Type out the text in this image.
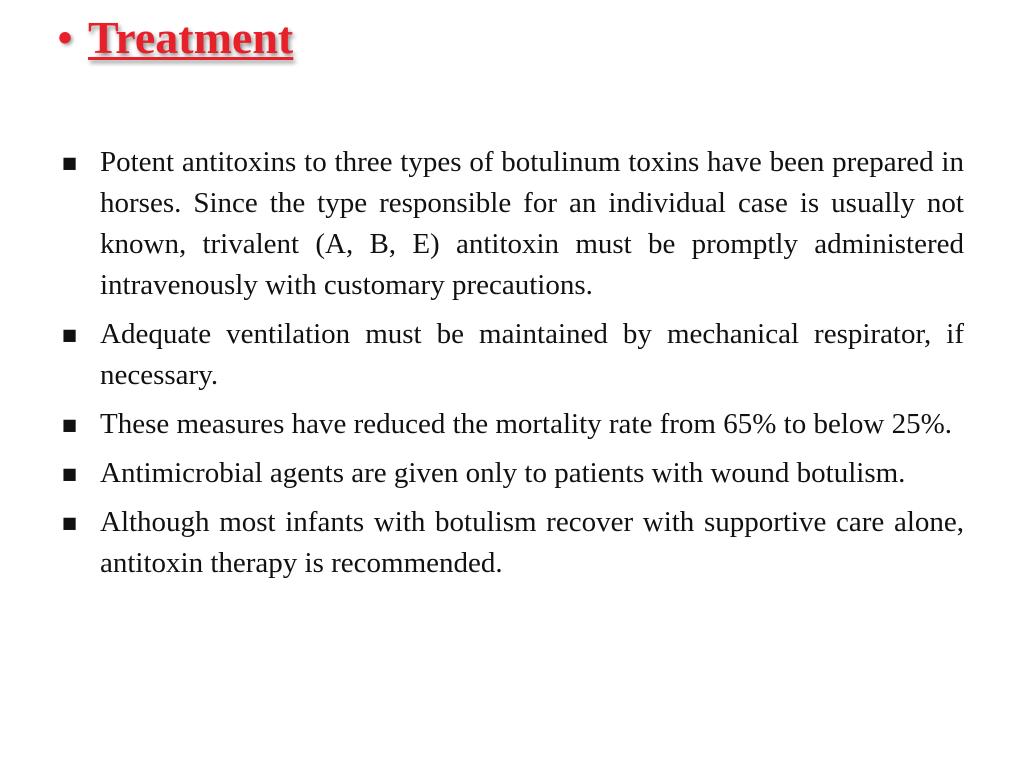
• Treatment
■ Potent antitoxins to three types of botulinum toxins have been prepared in horses. Since the type responsible for an individual case is usually not known, trivalent (A, B, E) antitoxin must be promptly administered intravenously with customary precautions.
■ Adequate ventilation must be maintained by mechanical respirator, if necessary.
■ These measures have reduced the mortality rate from 65% to below 25%.
■ Antimicrobial agents are given only to patients with wound botulism.
■ Although most infants with botulism recover with supportive care alone, antitoxin therapy is recommended.
